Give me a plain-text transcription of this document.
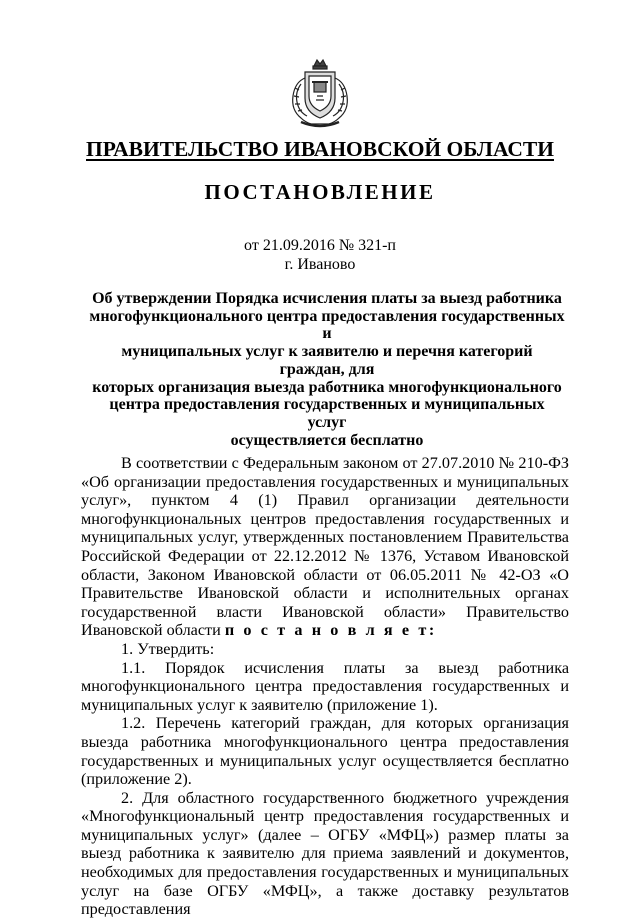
ПРАВИТЕЛЬСТВО ИВАНОВСКОЙ ОБЛАСТИ
ПОСТАНОВЛЕНИЕ
от 21.09.2016 № 321-п
г. Иваново
Об утверждении Порядка исчисления платы за выезд работника
многофункционального центра предоставления государственных и
муниципальных услуг к заявителю и перечня категорий граждан, для
которых организация выезда работника многофункционального
центра предоставления государственных и муниципальных услуг
осуществляется бесплатно

В соответствии с Федеральным законом от 27.07.2010 № 210-ФЗ «Об организации предоставления государственных и муниципальных услуг», пунктом 4 (1) Правил организации деятельности многофункциональных центров предоставления государственных и муниципальных услуг, утвержденных постановлением Правительства Российской Федерации от 22.12.2012 № 1376, Уставом Ивановской области, Законом Ивановской области от 06.05.2011 № 42-ОЗ «О Правительстве Ивановской области и исполнительных органах государственной власти Ивановской области» Правительство Ивановской области п о с т а н о в л я е т:

1. Утвердить:

1.1. Порядок исчисления платы за выезд работника многофункционального центра предоставления государственных и муниципальных услуг к заявителю (приложение 1).

1.2. Перечень категорий граждан, для которых организация выезда работника многофункционального центра предоставления государственных и муниципальных услуг осуществляется бесплатно (приложение 2).

2. Для областного государственного бюджетного учреждения «Многофункциональный центр предоставления государственных и муниципальных услуг» (далее – ОГБУ «МФЦ») размер платы за выезд работника к заявителю для приема заявлений и документов, необходимых для предоставления государственных и муниципальных услуг на базе ОГБУ «МФЦ», а также доставку результатов предоставления
